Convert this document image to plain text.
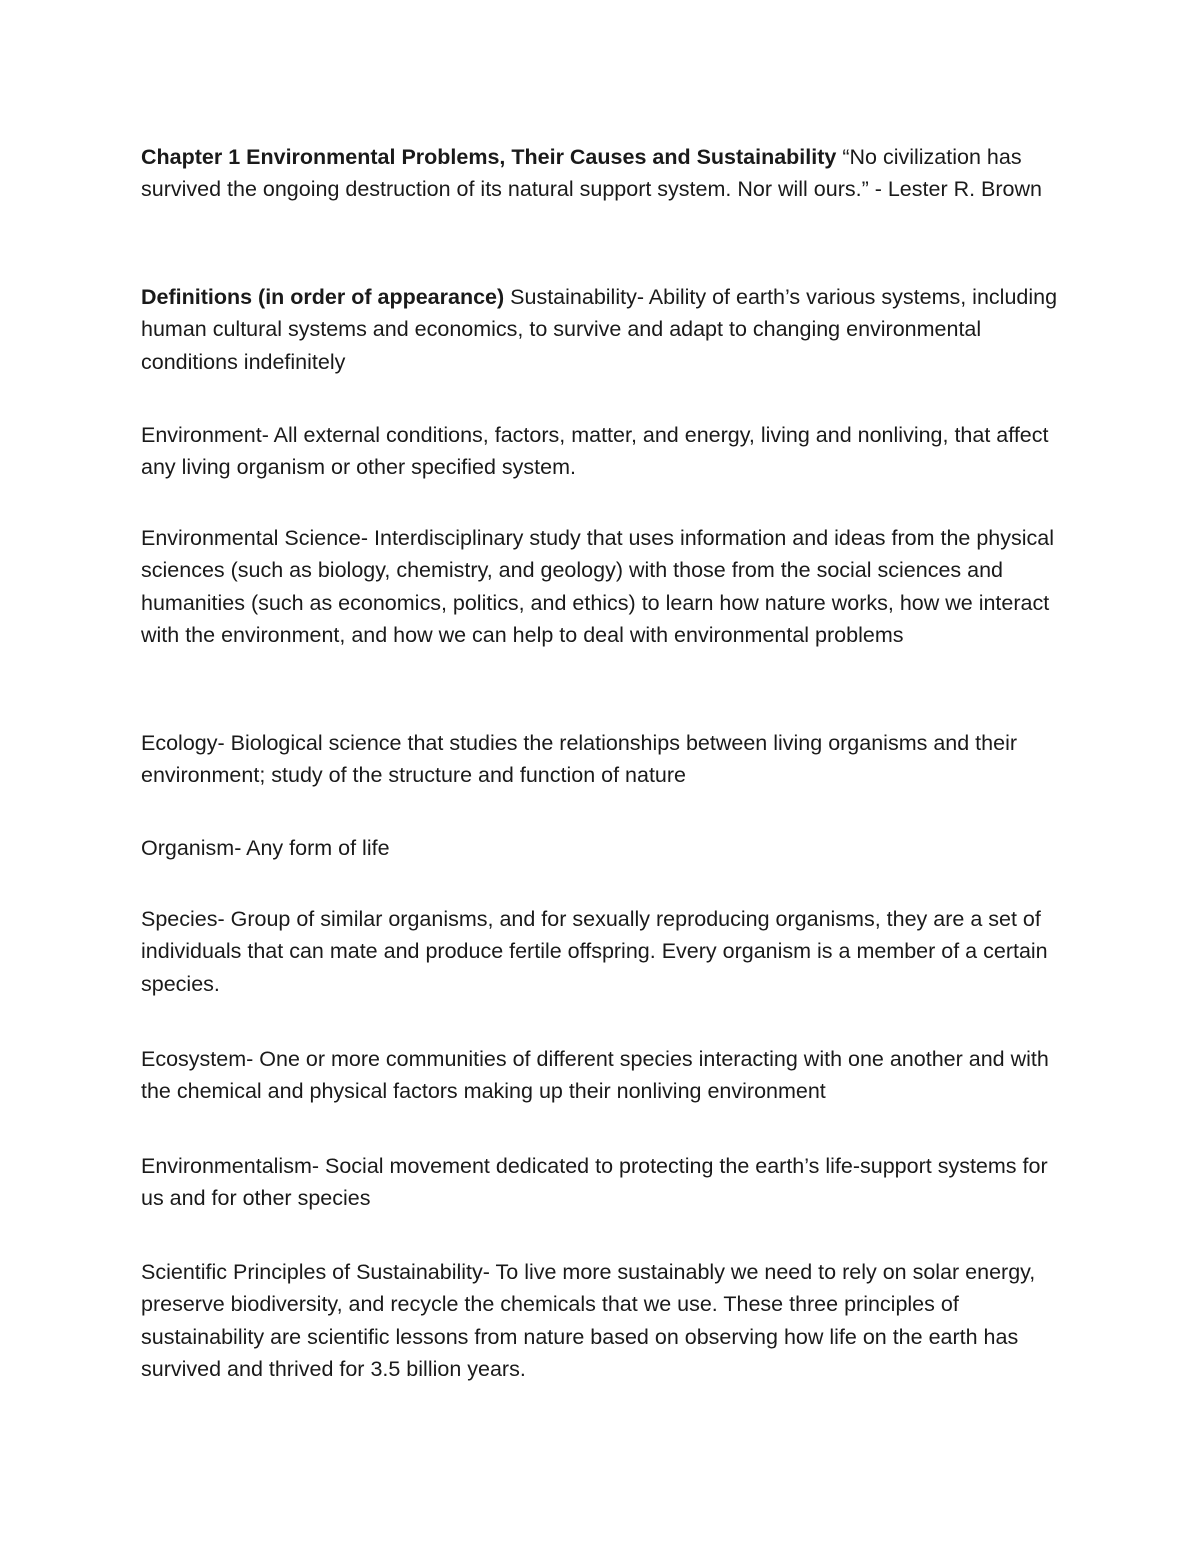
Chapter 1 Environmental Problems, Their Causes and Sustainability “No civilization has survived the ongoing destruction of its natural support system. Nor will ours.” - Lester R. Brown

Definitions (in order of appearance) Sustainability- Ability of earth’s various systems, including human cultural systems and economics, to survive and adapt to changing environmental conditions indefinitely

Environment- All external conditions, factors, matter, and energy, living and nonliving, that affect any living organism or other specified system.

Environmental Science- Interdisciplinary study that uses information and ideas from the physical sciences (such as biology, chemistry, and geology) with those from the social sciences and humanities (such as economics, politics, and ethics) to learn how nature works, how we interact with the environment, and how we can help to deal with environmental problems

Ecology- Biological science that studies the relationships between living organisms and their environment; study of the structure and function of nature

Organism- Any form of life

Species- Group of similar organisms, and for sexually reproducing organisms, they are a set of individuals that can mate and produce fertile offspring. Every organism is a member of a certain species.

Ecosystem- One or more communities of different species interacting with one another and with the chemical and physical factors making up their nonliving environment

Environmentalism- Social movement dedicated to protecting the earth’s life-support systems for us and for other species

Scientific Principles of Sustainability- To live more sustainably we need to rely on solar energy, preserve biodiversity, and recycle the chemicals that we use. These three principles of sustainability are scientific lessons from nature based on observing how life on the earth has survived and thrived for 3.5 billion years.
